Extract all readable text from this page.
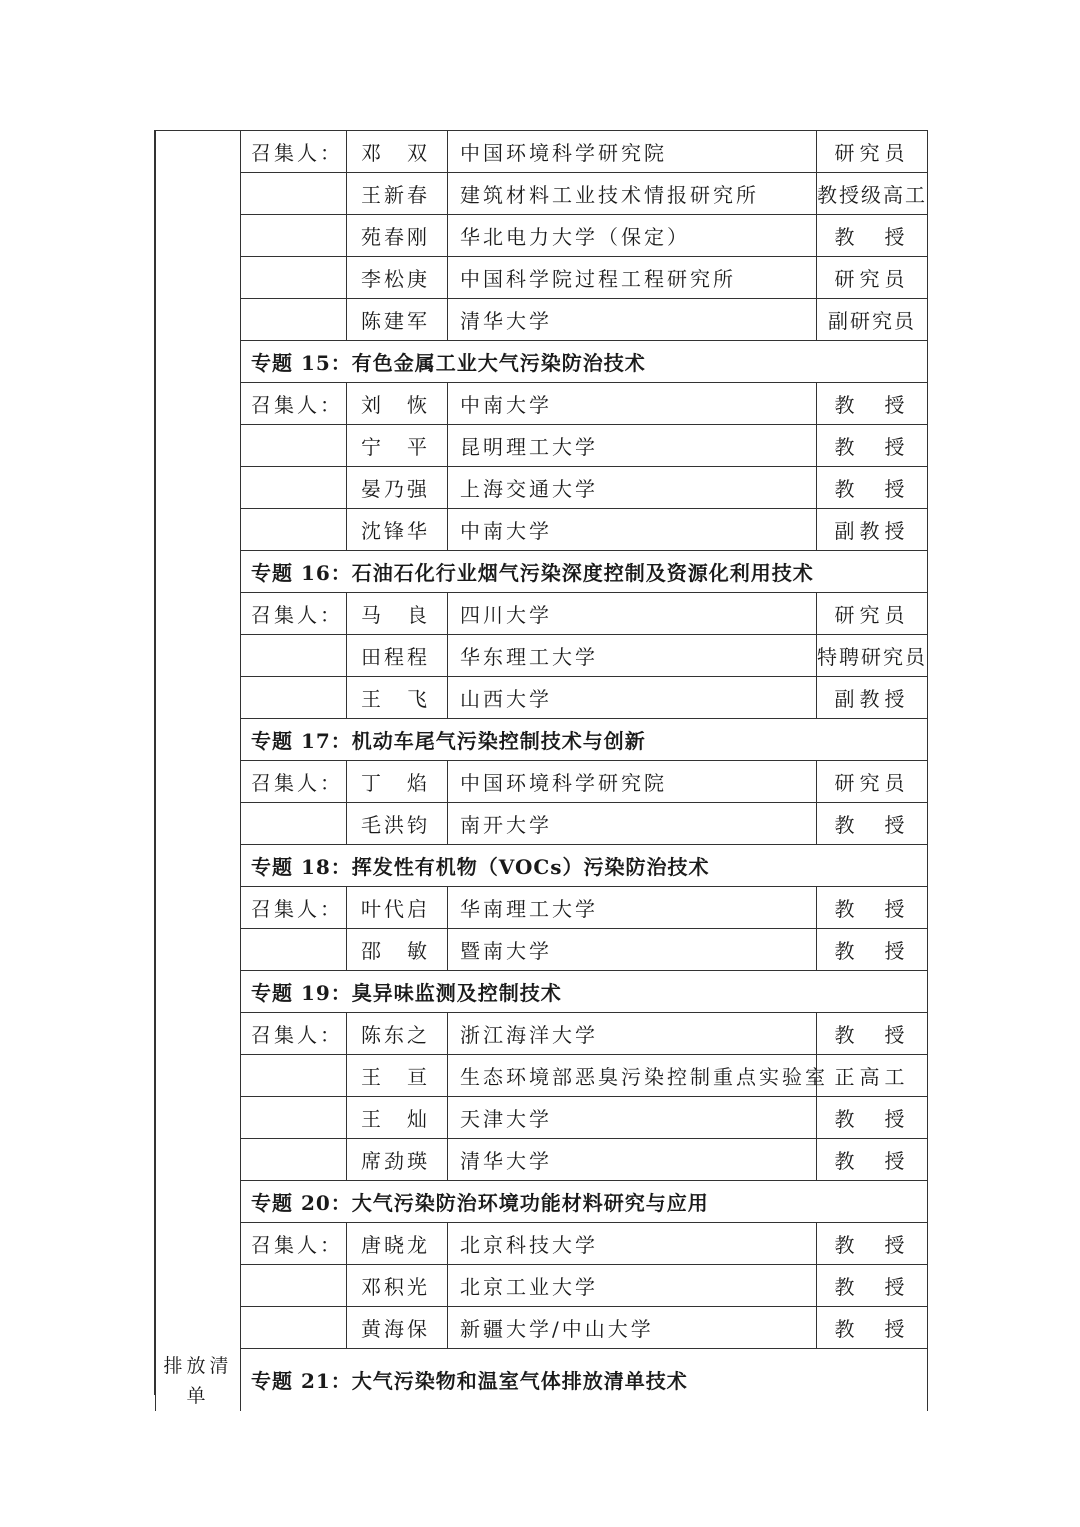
	召集人：	邓　双	中国环境科学研究院	研究员
		王新春	建筑材料工业技术情报研究所	教授级高工
		苑春刚	华北电力大学（保定）	教　授
		李松庚	中国科学院过程工程研究所	研究员
		陈建军	清华大学	副研究员
	专题 15：有色金属工业大气污染防治技术			
	召集人：	刘　恢	中南大学	教　授
		宁　平	昆明理工大学	教　授
		晏乃强	上海交通大学	教　授
		沈锋华	中南大学	副教授
	专题 16：石油石化行业烟气污染深度控制及资源化利用技术			
	召集人：	马　良	四川大学	研究员
		田程程	华东理工大学	特聘研究员
		王　飞	山西大学	副教授
	专题 17：机动车尾气污染控制技术与创新			
	召集人：	丁　焰	中国环境科学研究院	研究员
		毛洪钧	南开大学	教　授
	专题 18：挥发性有机物（VOCs）污染防治技术			
	召集人：	叶代启	华南理工大学	教　授
		邵　敏	暨南大学	教　授
	专题 19：臭异味监测及控制技术			
	召集人：	陈东之	浙江海洋大学	教　授
		王　亘	生态环境部恶臭污染控制重点实验室	正高工
		王　灿	天津大学	教　授
		席劲瑛	清华大学	教　授
	专题 20：大气污染防治环境功能材料研究与应用			
	召集人：	唐晓龙	北京科技大学	教　授
		邓积光	北京工业大学	教　授
		黄海保	新疆大学/中山大学	教　授
排放清单	专题 21：大气污染物和温室气体排放清单技术			
